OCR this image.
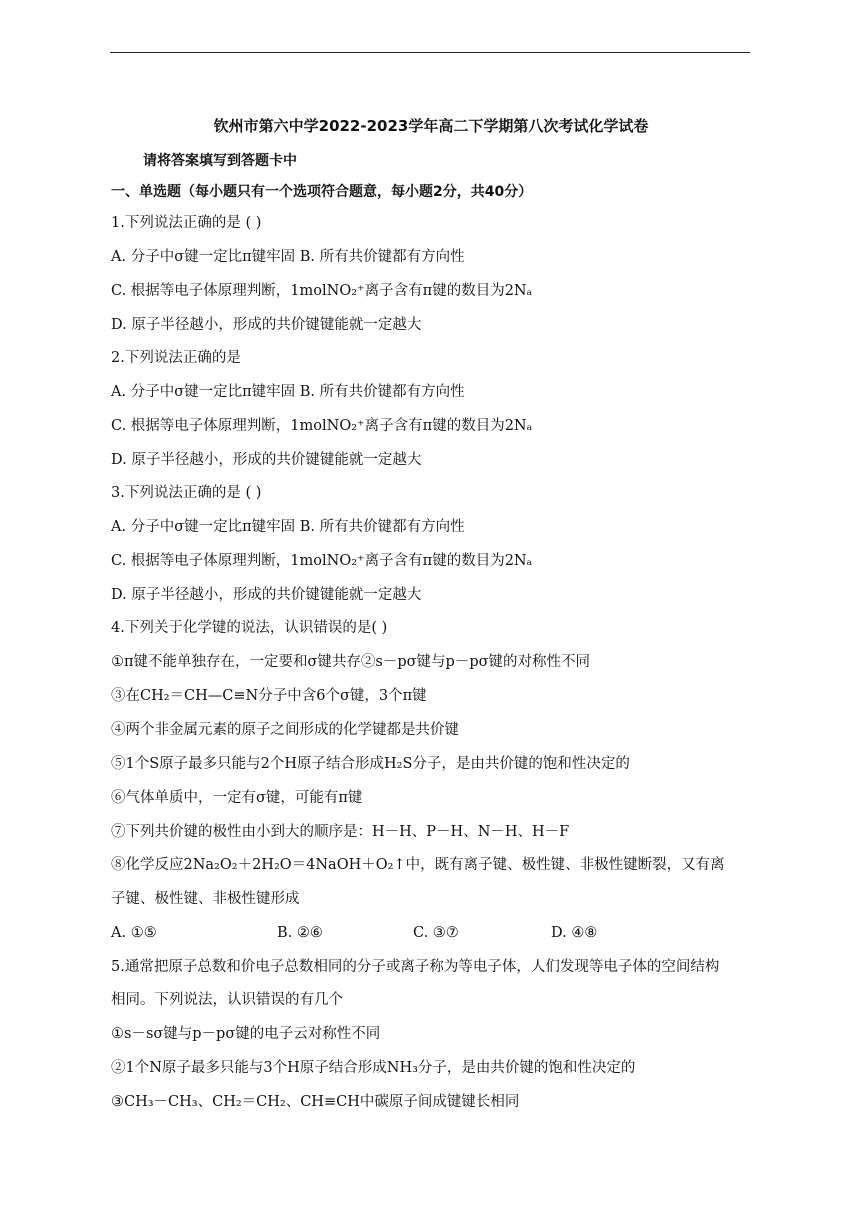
钦州市第六中学2022-2023学年高二下学期第八次考试化学试卷
请将答案填写到答题卡中
一、单选题（每小题只有一个选项符合题意，每小题2分，共40分）
1.下列说法正确的是 ( )
A. 分子中σ键一定比π键牢固 B. 所有共价键都有方向性
C. 根据等电子体原理判断，1molNO₂⁺离子含有π键的数目为2Nₐ
D. 原子半径越小，形成的共价键键能就一定越大
2.下列说法正确的是
A. 分子中σ键一定比π键牢固 B. 所有共价键都有方向性
C. 根据等电子体原理判断，1molNO₂⁺离子含有π键的数目为2Nₐ
D. 原子半径越小，形成的共价键键能就一定越大
3.下列说法正确的是 ( )
A. 分子中σ键一定比π键牢固 B. 所有共价键都有方向性
C. 根据等电子体原理判断，1molNO₂⁺离子含有π键的数目为2Nₐ
D. 原子半径越小，形成的共价键键能就一定越大
4.下列关于化学键的说法，认识错误的是( )
①π键不能单独存在，一定要和σ键共存②s－pσ键与p－pσ键的对称性不同
③在CH₂＝CH—C≡N分子中含6个σ键，3个π键
④两个非金属元素的原子之间形成的化学键都是共价键
⑤1个S原子最多只能与2个H原子结合形成H₂S分子，是由共价键的饱和性决定的
⑥气体单质中，一定有σ键，可能有π键
⑦下列共价键的极性由小到大的顺序是：H－H、P－H、N－H、H－F
⑧化学反应2Na₂O₂＋2H₂O＝4NaOH＋O₂↑中，既有离子键、极性键、非极性键断裂，又有离
子键、极性键、非极性键形成
A. ①⑤	B. ②⑥	C. ③⑦	D. ④⑧
5.通常把原子总数和价电子总数相同的分子或离子称为等电子体，人们发现等电子体的空间结构
相同。下列说法，认识错误的有几个
①s－sσ键与p－pσ键的电子云对称性不同
②1个N原子最多只能与3个H原子结合形成NH₃分子，是由共价键的饱和性决定的
③CH₃－CH₃、CH₂＝CH₂、CH≡CH中碳原子间成键键长相同
